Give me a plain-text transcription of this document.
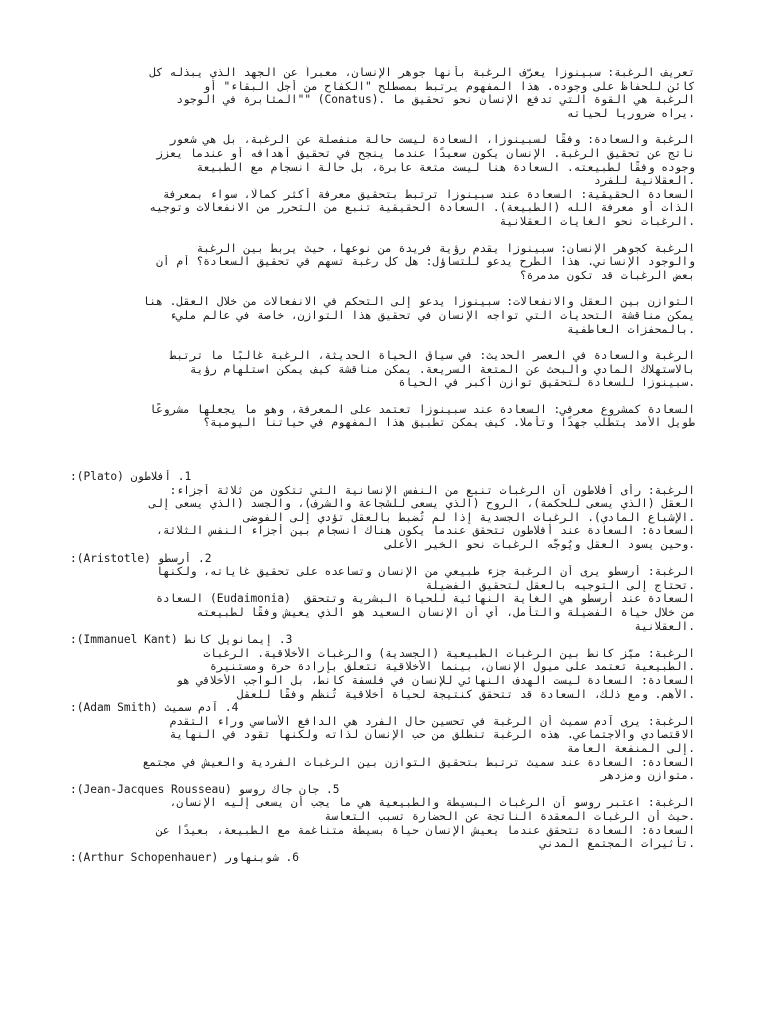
تعريف الرغبة: سبينوزا يعرّف الرغبة بأنها جوهر الإنسان، معبراً عن الجهد الذي يبذله كل
كائن للحفاظ على وجوده. هذا المفهوم يرتبط بمصطلح "الكفاح من أجل البقاء" أو
الرغبة هي القوة التي تدفع الإنسان نحو تحقيق ما .(Conatus) ""المثابرة في الوجود
.يراه ضرورياً لحياته
الرغبة والسعادة: وفقًا لسبينوزا، السعادة ليست حالة منفصلة عن الرغبة، بل هي شعور
ناتج عن تحقيق الرغبة. الإنسان يكون سعيدًا عندما ينجح في تحقيق أهدافه أو عندما يعزز
وجوده وفقًا لطبيعته. السعادة هنا ليست متعة عابرة، بل حالة انسجام مع الطبيعة
.العقلانية للفرد
السعادة الحقيقية: السعادة عند سبينوزا ترتبط بتحقيق معرفة أكثر كمالًا، سواء بمعرفة
الذات أو معرفة الله (الطبيعة). السعادة الحقيقية تنبع من التحرر من الانفعالات وتوجيه
.الرغبات نحو الغايات العقلانية
الرغبة كجوهر الإنسان: سبينوزا يقدم رؤية فريدة من نوعها، حيث يربط بين الرغبة
والوجود الإنساني. هذا الطرح يدعو للتساؤل: هل كل رغبة تسهم في تحقيق السعادة؟ أم أن
بعض الرغبات قد تكون مدمرة؟
التوازن بين العقل والانفعالات: سبينوزا يدعو إلى التحكم في الانفعالات من خلال العقل. هنا
يمكن مناقشة التحديات التي تواجه الإنسان في تحقيق هذا التوازن، خاصة في عالم مليء
.بالمحفزات العاطفية
الرغبة والسعادة في العصر الحديث: في سياق الحياة الحديثة، الرغبة غالبًا ما ترتبط
بالاستهلاك المادي والبحث عن المتعة السريعة. يمكن مناقشة كيف يمكن استلهام رؤية
.سبينوزا للسعادة لتحقيق توازن أكبر في الحياة
السعادة كمشروع معرفي: السعادة عند سبينوزا تعتمد على المعرفة، وهو ما يجعلها مشروعًا
طويل الأمد يتطلب جهدًا وتأملًا. كيف يمكن تطبيق هذا المفهوم في حياتنا اليومية؟
1. أفلاطون (Plato):
الرغبة: رأى أفلاطون أن الرغبات تنبع من النفس الإنسانية التي تتكون من ثلاثة أجزاء:
العقل (الذي يسعى للحكمة)، الروح (الذي يسعى للشجاعة والشرف)، والجسد (الذي يسعى إلى
.الإشباع المادي). الرغبات الجسدية إذا لم تُضبط بالعقل تؤدي إلى الفوضى
السعادة: السعادة عند أفلاطون تتحقق عندما يكون هناك انسجام بين أجزاء النفس الثلاثة،
.وحين يسود العقل ويُوجّه الرغبات نحو الخير الأعلى
2. أرسطو (Aristotle):
الرغبة: أرسطو يرى أن الرغبة جزء طبيعي من الإنسان وتساعده على تحقيق غاياته، ولكنها
.تحتاج إلى التوجيه بالعقل لتحقيق الفضيلة
السعادة عند أرسطو هي الغاية النهائية للحياة البشرية وتتحقق  (Eudaimonia) السعادة
من خلال حياة الفضيلة والتأمل، أي أن الإنسان السعيد هو الذي يعيش وفقًا لطبيعته
.العقلانية
3. إيمانويل كانط (Immanuel Kant):
الرغبة: ميّز كانط بين الرغبات الطبيعية (الجسدية) والرغبات الأخلاقية. الرغبات
.الطبيعية تعتمد على ميول الإنسان، بينما الأخلاقية تتعلق بإرادة حرة ومستنيرة
السعادة: السعادة ليست الهدف النهائي للإنسان في فلسفة كانط، بل الواجب الأخلاقي هو
.الأهم. ومع ذلك، السعادة قد تتحقق كنتيجة لحياة أخلاقية تُنظم وفقًا للعقل
4. آدم سميث (Adam Smith):
الرغبة: يرى آدم سميث أن الرغبة في تحسين حال الفرد هي الدافع الأساسي وراء التقدم
الاقتصادي والاجتماعي. هذه الرغبة تنطلق من حب الإنسان لذاته ولكنها تقود في النهاية
.إلى المنفعة العامة
السعادة: السعادة عند سميث ترتبط بتحقيق التوازن بين الرغبات الفردية والعيش في مجتمع
.متوازن ومزدهر
5. جان جاك روسو (Jean-Jacques Rousseau):
الرغبة: اعتبر روسو أن الرغبات البسيطة والطبيعية هي ما يجب أن يسعى إليه الإنسان،
.حيث أن الرغبات المعقدة الناتجة عن الحضارة تسبب التعاسة
السعادة: السعادة تتحقق عندما يعيش الإنسان حياة بسيطة متناغمة مع الطبيعة، بعيدًا عن
.تأثيرات المجتمع المدني
6. شوبنهاور (Arthur Schopenhauer):
